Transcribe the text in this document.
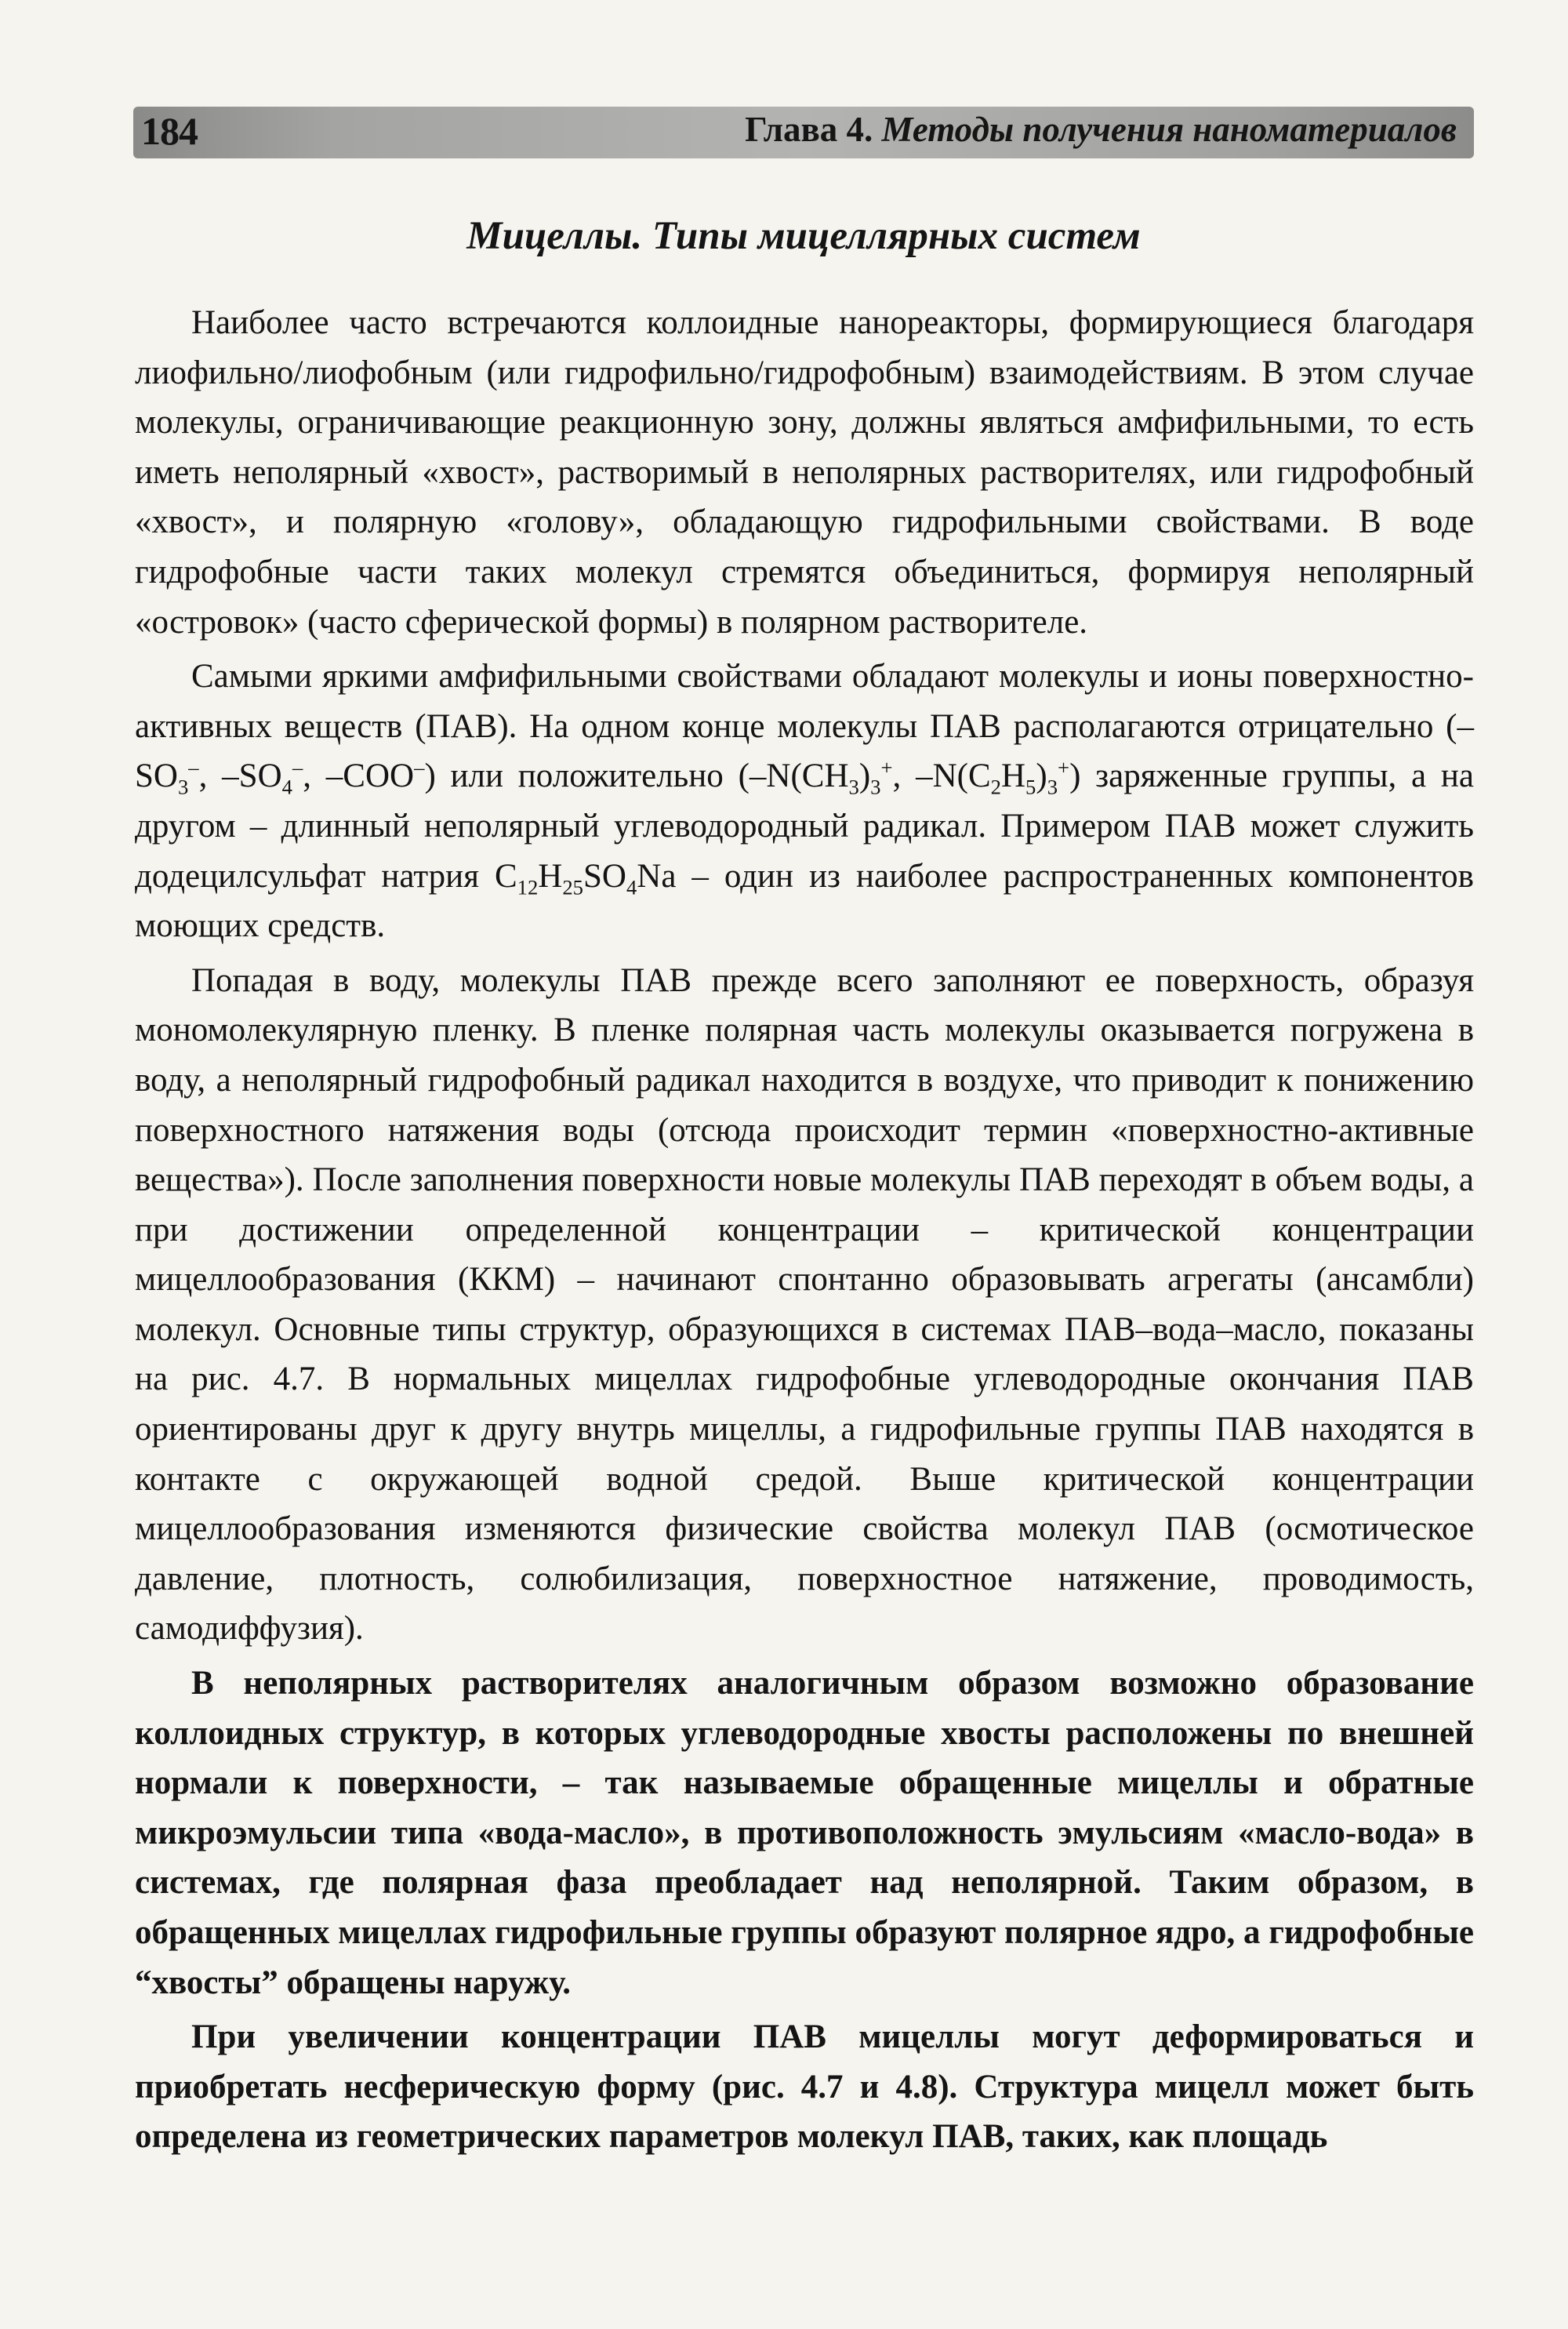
184	Глава 4. Методы получения наноматериалов
Мицеллы. Типы мицеллярных систем

Наиболее часто встречаются коллоидные нанореакторы, формирующиеся благодаря лиофильно/лиофобным (или гидрофильно/гидрофобным) взаимодействиям. В этом случае молекулы, ограничивающие реакционную зону, должны являться амфифильными, то есть иметь неполярный «хвост», растворимый в неполярных растворителях, или гидрофобный «хвост», и полярную «голову», обладающую гидрофильными свойствами. В воде гидрофобные части таких молекул стремятся объединиться, формируя неполярный «островок» (часто сферической формы) в полярном растворителе.

Самыми яркими амфифильными свойствами обладают молекулы и ионы поверхностно-активных веществ (ПАВ). На одном конце молекулы ПАВ располагаются отрицательно ($-SO_3^-$, $-SO_4^-$, –COO–) или положительно ($-N(CH_3)_3^+$, $-N(C_2H_5)_3^+$) заряженные группы, а на другом – длинный неполярный углеводородный радикал. Примером ПАВ может служить додецилсульфат натрия $C_{12}H_{25}SO_4Na$ – один из наиболее распространенных компонентов моющих средств.

Попадая в воду, молекулы ПАВ прежде всего заполняют ее поверхность, образуя мономолекулярную пленку. В пленке полярная часть молекулы оказывается погружена в воду, а неполярный гидрофобный радикал находится в воздухе, что приводит к понижению поверхностного натяжения воды (отсюда происходит термин «поверхностно-активные вещества»). После заполнения поверхности новые молекулы ПАВ переходят в объем воды, а при достижении определенной концентрации – критической концентрации мицеллообразования (ККМ) – начинают спонтанно образовывать агрегаты (ансамбли) молекул. Основные типы структур, образующихся в системах ПАВ–вода–масло, показаны на рис. 4.7. В нормальных мицеллах гидрофобные углеводородные окончания ПАВ ориентированы друг к другу внутрь мицеллы, а гидрофильные группы ПАВ находятся в контакте с окружающей водной средой. Выше критической концентрации мицеллообразования изменяются физические свойства молекул ПАВ (осмотическое давление, плотность, солюбилизация, поверхностное натяжение, проводимость, самодиффузия).

В неполярных растворителях аналогичным образом возможно образование коллоидных структур, в которых углеводородные хвосты расположены по внешней нормали к поверхности, – так называемые обращенные мицеллы и обратные микроэмульсии типа «вода-масло», в противоположность эмульсиям «масло-вода» в системах, где полярная фаза преобладает над неполярной. Таким образом, в обращенных мицеллах гидрофильные группы образуют полярное ядро, а гидрофобные “хвосты” обращены наружу.

При увеличении концентрации ПАВ мицеллы могут деформироваться и приобретать несферическую форму (рис. 4.7 и 4.8). Структура мицелл может быть определена из геометрических параметров молекул ПАВ, таких, как площадь
